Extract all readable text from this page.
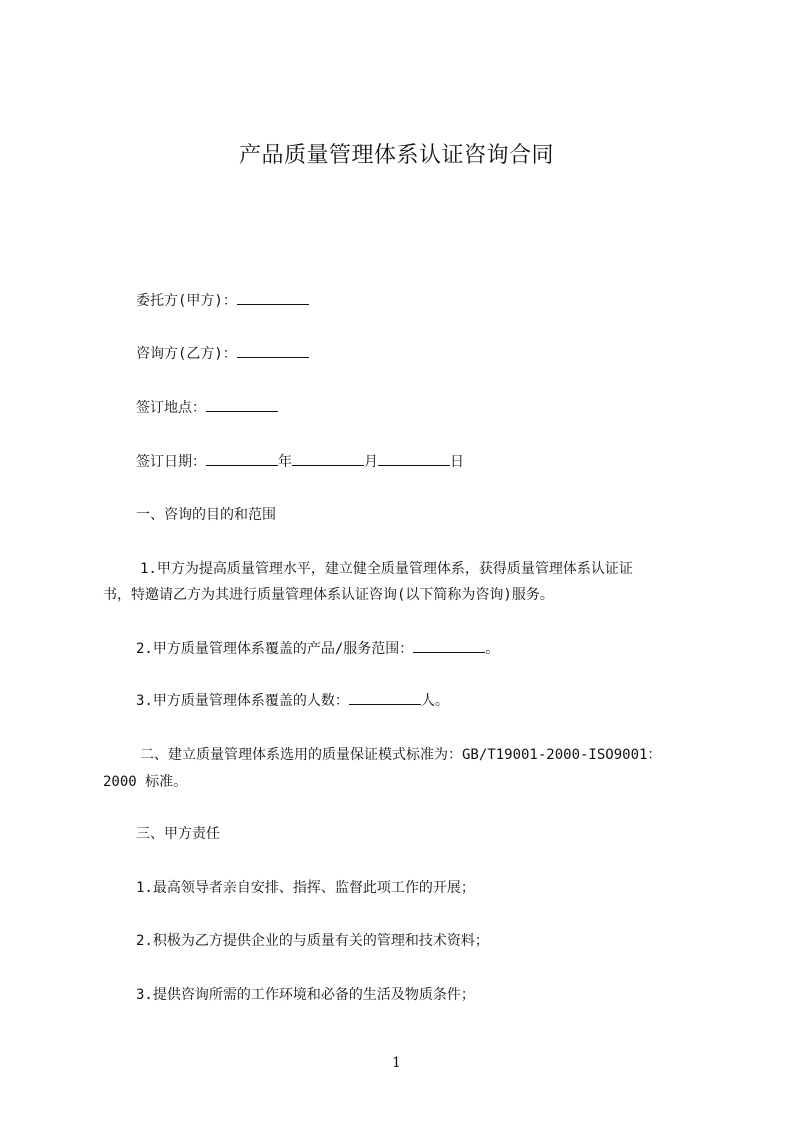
产品质量管理体系认证咨询合同
委托方(甲方)：
咨询方(乙方)：
签订地点：
签订日期：	年	月	日
一、咨询的目的和范围
1.甲方为提高质量管理水平，建立健全质量管理体系，获得质量管理体系认证证
书，特邀请乙方为其进行质量管理体系认证咨询(以下简称为咨询)服务。
2.甲方质量管理体系覆盖的产品/服务范围：	。
3.甲方质量管理体系覆盖的人数：	人。
二、建立质量管理体系选用的质量保证模式标准为：GB/T19001-2000-ISO9001：
2000 标准。
三、甲方责任
1.最高领导者亲自安排、指挥、监督此项工作的开展；
2.积极为乙方提供企业的与质量有关的管理和技术资料；
3.提供咨询所需的工作环境和必备的生活及物质条件；
1
